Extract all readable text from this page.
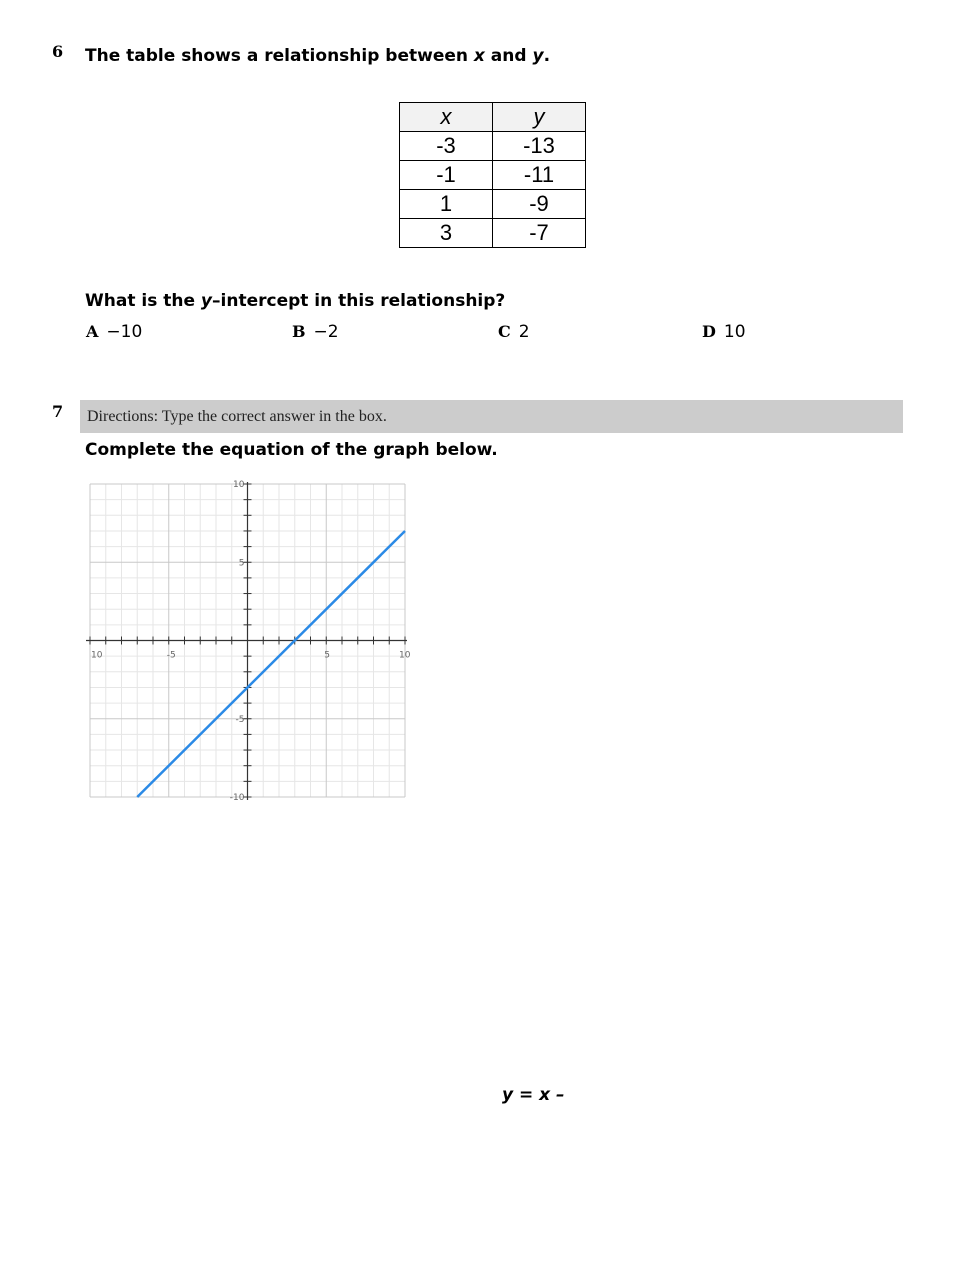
6 The table shows a relationship between x and y.
x	y
-3	-13
-1	-11
1	-9
3	-7
What is the y–intercept in this relationship?
A −10	B −2	C 2	D 10
7 Directions: Type the correct answer in the box.
Complete the equation of the graph below.
10	-5	5	10
10
5
-5
-10
y = x –
